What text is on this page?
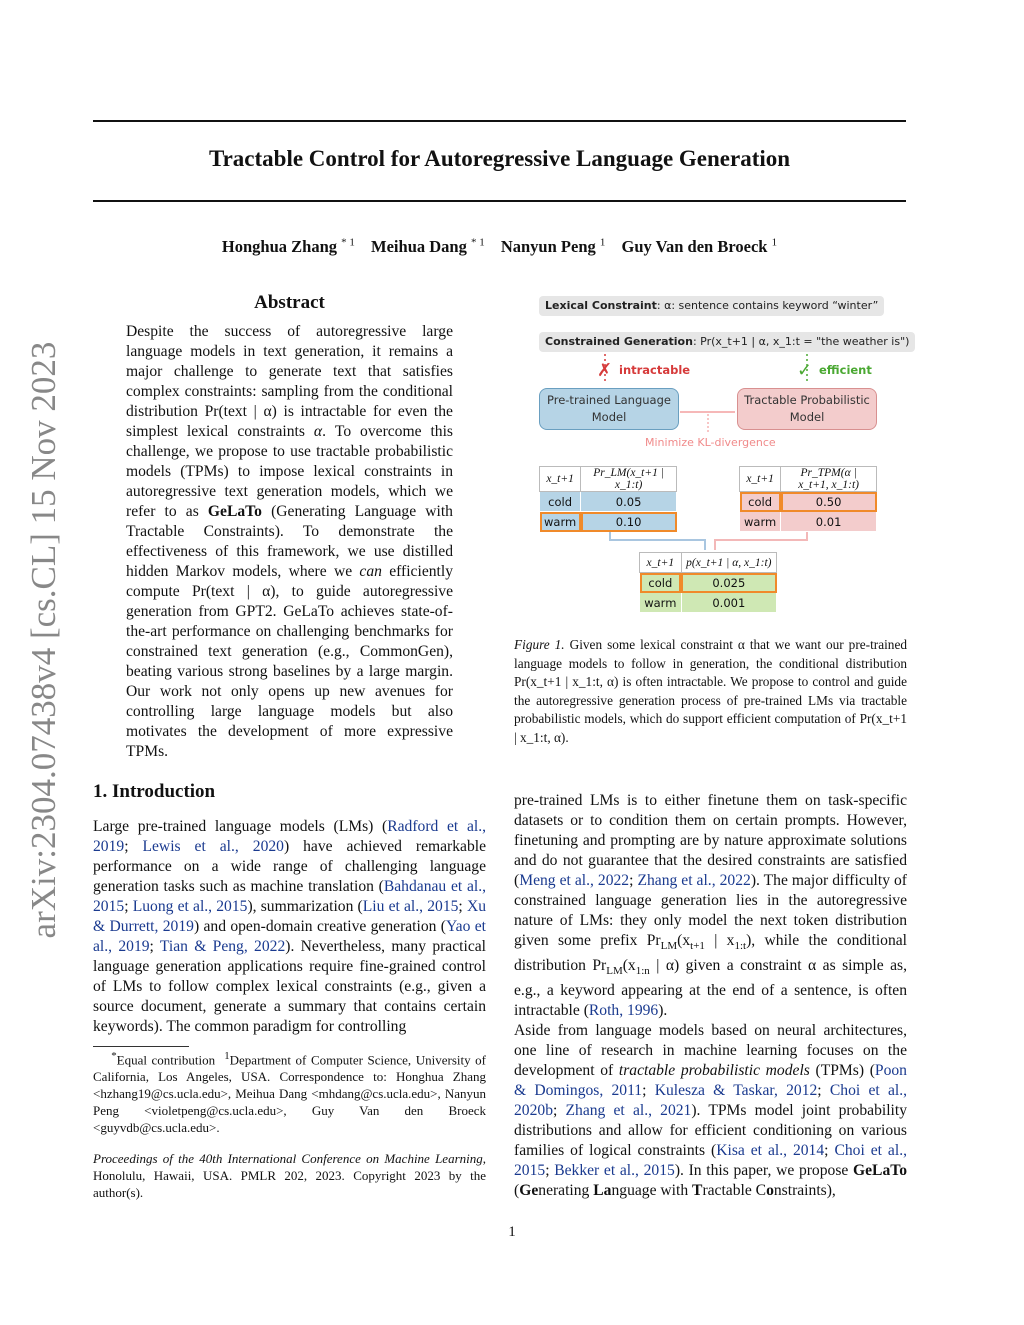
Tractable Control for Autoregressive Language Generation
Honghua Zhang $^{* 1}$ Meihua Dang $^{* 1}$ Nanyun Peng $^1$ Guy Van den Broeck $^1$
arXiv:2304.07438v4 [cs.CL] 15 Nov 2023
Abstract
Despite the success of autoregressive large language models in text generation, it remains a major challenge to generate text that satisfies complex constraints: sampling from the conditional distribution Pr(text | α) is intractable for even the simplest lexical constraints α. To overcome this challenge, we propose to use tractable probabilistic models (TPMs) to impose lexical constraints in autoregressive text generation models, which we refer to as GeLaTo (Generating Language with Tractable Constraints). To demonstrate the effectiveness of this framework, we use distilled hidden Markov models, where we can efficiently compute Pr(text | α), to guide autoregressive generation from GPT2. GeLaTo achieves state-of-the-art performance on challenging benchmarks for constrained text generation (e.g., CommonGen), beating various strong baselines by a large margin. Our work not only opens up new avenues for controlling large language models but also motivates the development of more expressive TPMs.
1. Introduction
Large pre-trained language models (LMs) (Radford et al., 2019; Lewis et al., 2020) have achieved remarkable performance on a wide range of challenging language generation tasks such as machine translation (Bahdanau et al., 2015; Luong et al., 2015), summarization (Liu et al., 2015; Xu & Durrett, 2019) and open-domain creative generation (Yao et al., 2019; Tian & Peng, 2022). Nevertheless, many practical language generation applications require fine-grained control of LMs to follow complex lexical constraints (e.g., given a source document, generate a summary that contains certain keywords). The common paradigm for controlling
*Equal contribution $^1$Department of Computer Science, University of California, Los Angeles, USA. Correspondence to: Honghua Zhang <hzhang19@cs.ucla.edu>, Meihua Dang <mhdang@cs.ucla.edu>, Nanyun Peng <violetpeng@cs.ucla.edu>, Guy Van den Broeck <guyvdb@cs.ucla.edu>.
Proceedings of the 40th International Conference on Machine Learning, Honolulu, Hawaii, USA. PMLR 202, 2023. Copyright 2023 by the author(s).
pre-trained LMs is to either finetune them on task-specific datasets or to condition them on certain prompts. However, finetuning and prompting are by nature approximate solutions and do not guarantee that the desired constraints are satisfied (Meng et al., 2022; Zhang et al., 2022). The major difficulty of constrained language generation lies in the autoregressive nature of LMs: they only model the next token distribution given some prefix $Pr_{LM}(x_{t+1}$ | $x_{1:t}$), while the conditional distribution $Pr_{LM}(x_{1:n}$ | α) given a constraint α as simple as, e.g., a keyword appearing at the end of a sentence, is often intractable (Roth, 1996).
Aside from language models based on neural architectures, one line of research in machine learning focuses on the development of tractable probabilistic models (TPMs) (Poon & Domingos, 2011; Kulesza & Taskar, 2012; Choi et al., 2020b; Zhang et al., 2021). TPMs model joint probability distributions and allow for efficient conditioning on various families of logical constraints (Kisa et al., 2014; Choi et al., 2015; Bekker et al., 2015). In this paper, we propose GeLaTo (Generating Language with Tractable Constraints),
1
Lexical Constraint: α: sentence contains keyword “winter”
Constrained Generation: Pr(x_t+1 | α, x_1:t = "the weather is")
✗ intractable	✓ efficient
Pre-trained Language Model
Tractable Probabilistic Model
Minimize KL-divergence
x_t+1	Pr_LM(x_t+1 | x_1:t)
cold	0.05
warm	0.10
x_t+1	Pr_TPM(α | x_t+1, x_1:t)
cold	0.50
warm	0.01
x_t+1	p(x_t+1 | α, x_1:t)
cold	0.025
warm	0.001
Figure 1. Given some lexical constraint α that we want our pre-trained language models to follow in generation, the conditional distribution Pr(x_t+1 | x_1:t, α) is often intractable. We propose to control and guide the autoregressive generation process of pre-trained LMs via tractable probabilistic models, which do support efficient computation of Pr(x_t+1 | x_1:t, α).
